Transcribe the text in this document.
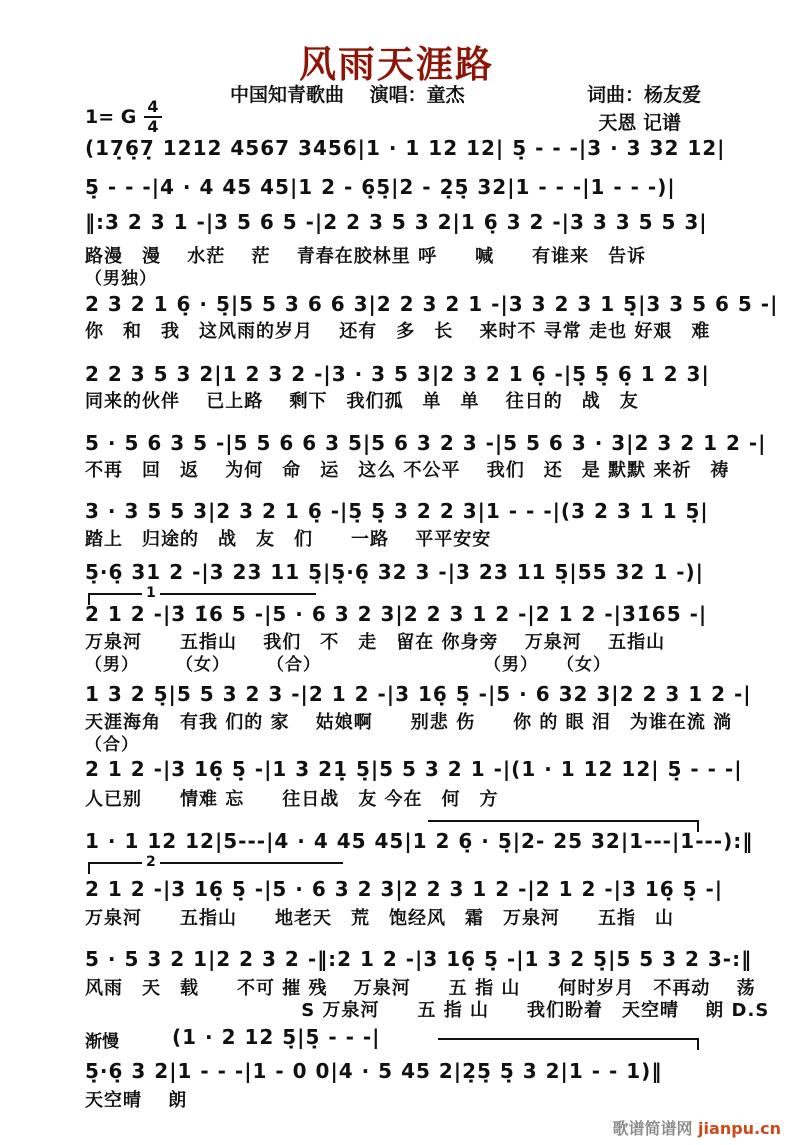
风雨天涯路
中国知青歌曲　 演唱：童杰	词曲：杨友爱
天恩 记谱
1= G $\frac{4}{4}$
(17̣6̣7̣ 1212 4567 3456|1 · 1 12 12| 5̣ - - -|3 · 3 32 12|
5̣ - - -|4 · 4 45 45|1 2 - 6̣5̣|2 - 2̣5̣ 32|1 - - -|1 - - -)|
‖:3 2 3 1 -|3 5 6 5 -|2 2 3 5 3 2|1 6̣ 3 2 -|3 3 3 5 5 3|
路漫　漫　 水茫　 茫　 青春在胶林里 呼　　喊　　有谁来　告诉
（男独）
2 3 2 1 6̣ · 5̣|5 5 3 6 6 3|2 2 3 2 1 -|3 3 2 3 1 5̣|3 3 5 6 5 -|
你　和　我　这风雨的岁月　 还有　多　长　 来时不 寻常 走也 好艰　难
2 2 3 5 3 2|1 2 3 2 -|3 · 3 5 3|2 3 2 1 6̣ -|5̣ 5̣ 6̣ 1 2 3|
同来的伙伴　 已上路　 剩下　我们孤　单　单　 往日的　战　友
5 · 5 6 3 5 -|5 5 6 6 3 5|5 6 3 2 3 -|5 5 6 3 · 3|2 3 2 1 2 -|
不再　回　返　 为何　命　运　这么 不公平　 我们　还　是 默默 来祈　祷
3 · 3 5 5 3|2 3 2 1 6̣ -|5̣ 5̣ 3 2 2 3|1 - - -|(3 2 3 1 1 5̣|
踏上　归途的　战　友　们　　一路　 平平安安
5̣·6̣ 31 2 -|3 23 11 5̣|5̣·6̣ 32 3 -|3 23 11 5̣|55 32 1 -)|
1
2 1 2 -|3̇ 1̇6 5 -|5 · 6 3 2 3|2 2 3 1 2 -|2 1 2 -|3̇1̇65 -|
万泉河　　五指山　 我们　不　走　留在 你身旁　 万泉河　 五指山
（男）　　　（女）　　　（合）　　　　　　　　　　（男）　　（女）
1 3 2 5̣|5 5 3 2 3 -|2 1 2 -|3 16̣ 5̣ -|5 · 6 32 3|2 2 3 1 2 -|
天涯海角　有我 们的 家　 姑娘啊　　别悲 伤　　你 的 眼 泪　为谁在流 淌
（合）
2 1 2 -|3 16̣ 5̣ -|1 3 21̣ 5̣|5 5 3 2 1 -|(1 · 1 12 12| 5̣ - - -|
人已别　　情难 忘　　往日战　友 今在　何　方
1 · 1 12 12|5---|4 · 4 45 45|1 2 6̣ · 5̣|2- 25 32|1---|1---):‖
2
2 1 2 -|3 16̣ 5̣ -|5 · 6 3 2 3|2 2 3 1 2 -|2 1 2 -|3 16̣ 5̣ -|
万泉河　　五指山　　地老天　荒　饱经风　霜　万泉河　　五指　山
5 · 5 3 2 1|2 2 3 2 -‖:2 1 2 -|3 16̣ 5̣ -|1 3 2 5̣|5 5 3 2 3-:‖
风雨　天　载　　不可 摧 残　 万泉河　　五 指 山　　何时岁月　不再动　 荡
　　　　　　　　　　　 S 万泉河　　五 指 山　　我们盼着　天空晴　 朗 D.S
渐慢	(1 · 2 12 5̣|5̣ - - -|
5̣·6̣ 3 2|1 - - -|1 - 0 0|4 · 5 45 2|2̣5̣ 5̣ 3 2|1 - - 1)‖
天空晴　 朗
歌谱简谱网 jianpu.cn
